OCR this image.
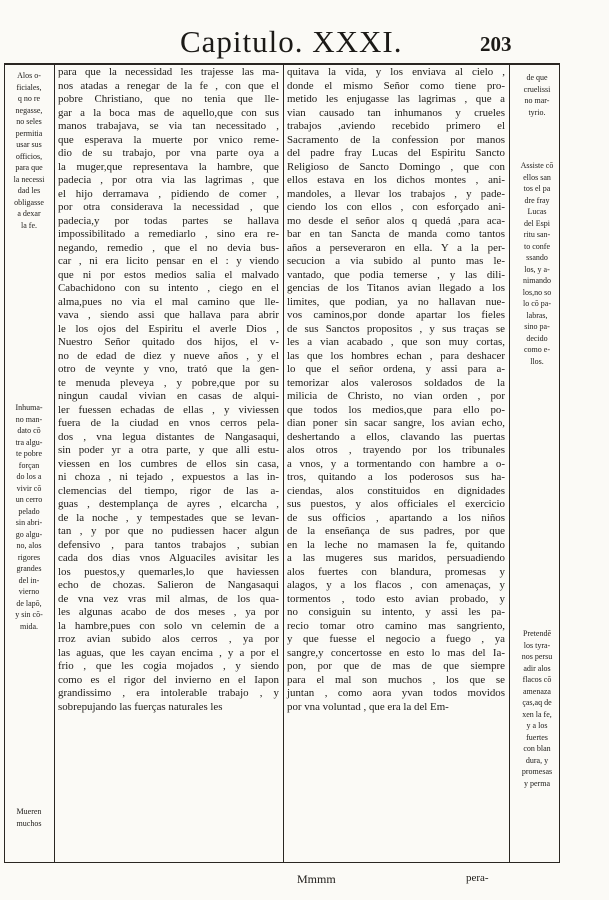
Capitulo. XXXI.	203
Alos o-
ficiales,
q no re
negasse,
no seles
permitia
usar sus
officios,
para que
la necessi
dad les
obligasse
a dexar
la fe.
Inhuma-
no man-
dato cō
tra algu-
te pobre
forçan
do los a
vivir cō
un cerro
pelado
sin abri-
go algu-
no, alos
rigores
grandes
del in-
vierno
de lapō,
y sin cō-
mida.
Mueren
muchos
de que
cruelissi
no mar-
tyrio.
Assiste cō
ellos san
tos el pa
dre fray
Lucas
del Espi
ritu san-
to confe
ssando
los, y a-
nimando
los,no so
lo cō pa-
labras,
sino pa-
decido
como e-
llos.
Pretendē
los tyra-
nos persu
adir alos
flacos cō
amenaza
ças,aq de
xen la fe,
y a los
fuertes
con blan
dura, y
promesas
y perma
para que la necessidad les trajesse las ma-
nos atadas a renegar de la fe , con que el
pobre Christiano, que no tenia que lle-
gar a la boca mas de aquello,que con sus
manos trabajava, se via tan necessitado ,
que esperava la muerte por vnico reme-
dio de su trabajo, por vna parte oya a
la muger,que representava la hambre, que
padecia , por otra via las lagrimas , que
el hijo derramava , pidiendo de comer ,
por otra considerava la necessidad , que
padecia,y por todas partes se hallava
impossibilitado a remediarlo , sino era re-
negando, remedio , que el no devia bus-
car , ni era licito pensar en el : y viendo
que ni por estos medios salia el malvado
Cabachidono con su intento , ciego en el
alma,pues no via el mal camino que lle-
vava , siendo assi que hallava para abrir
le los ojos del Espiritu el averle Dios ,
Nuestro Señor quitado dos hijos, el v-
no de edad de diez y nueve años , y el
otro de veynte y vno, trató que la gen-
te menuda pleveya , y pobre,que por su
ningun caudal vivian en casas de alqui-
ler fuessen echadas de ellas , y viviessen
fuera de la ciudad en vnos cerros pela-
dos , vna legua distantes de Nangasaqui,
sin poder yr a otra parte, y que alli estu-
viessen en los cumbres de ellos sin casa,
ni choza , ni tejado , expuestos a las in-
clemencias del tiempo, rigor de las a-
guas , destemplança de ayres , elcarcha ,
de la noche , y tempestades que se levan-
tan , y por que no pudiessen hacer algun
defensivo , para tantos trabajos , subian
cada dos dias vnos Alguaciles avisitar les
los puestos,y quemarles,lo que haviessen
echo de chozas. Salieron de Nangasaqui
de vna vez vras mil almas, de los qua-
les algunas acabo de dos meses , ya por
la hambre,pues con solo vn celemin de a
rroz avian subido alos cerros , ya por
las aguas, que les cayan encima , y a por el
frio , que les cogia mojados , y siendo
como es el rigor del invierno en el Iapon
grandissimo , era intolerable trabajo , y
sobrepujando las fuerças naturales les
quitava la vida, y los enviava al cielo ,
donde el mismo Señor como tiene pro-
metido les enjugasse las lagrimas , que a
vian causado tan inhumanos y crueles
trabajos ,aviendo recebido primero el
Sacramento de la confession por manos
del padre fray Lucas del Espiritu Sancto
Religioso de Sancto Domingo , que con
ellos estava en los dichos montes , ani-
mandoles, a llevar los trabajos , y pade-
ciendo los con ellos , con esforçado ani-
mo desde el señor alos q quedá ,para aca-
bar en tan Sancta de manda como tantos
años a perseveraron en ella. Y a la per-
secucion a via subido al punto mas le-
vantado, que podia temerse , y las dili-
gencias de los Titanos avian llegado a los
limites, que podian, ya no hallavan nue-
vos caminos,por donde apartar los fieles
de sus Sanctos propositos , y sus traças se
les a vian acabado , que son muy cortas,
las que los hombres echan , para deshacer
lo que el señor ordena, y assi para a-
temorizar alos valerosos soldados de la
milicia de Christo, no vian orden , por
que todos los medios,que para ello po-
dian poner sin sacar sangre, los avian echo,
deshertando a ellos, clavando las puertas
alos otros , trayendo por los tribunales
a vnos, y a tormentando con hambre a o-
tros, quitando a los poderosos sus ha-
ciendas, alos constituidos en dignidades
sus puestos, y alos officiales el exercicio
de sus officios , apartando a los niños
de la enseñança de sus padres, por que
en la leche no mamasen la fe, quitando
a las mugeres sus maridos, persuadiendo
alos fuertes con blandura, promesas y
alagos, y a los flacos , con amenaças, y
tormentos , todo esto avian probado, y
no consiguin su intento, y assi les pa-
recio tomar otro camino mas sangriento,
y que fuesse el negocio a fuego , ya
sangre,y concertosse en esto lo mas del Ia-
pon, por que de mas de que siempre
para el mal son muchos , los que se
juntan , como aora yvan todos movidos
por vna voluntad , que era la del Em-
Mmmm	pera-
